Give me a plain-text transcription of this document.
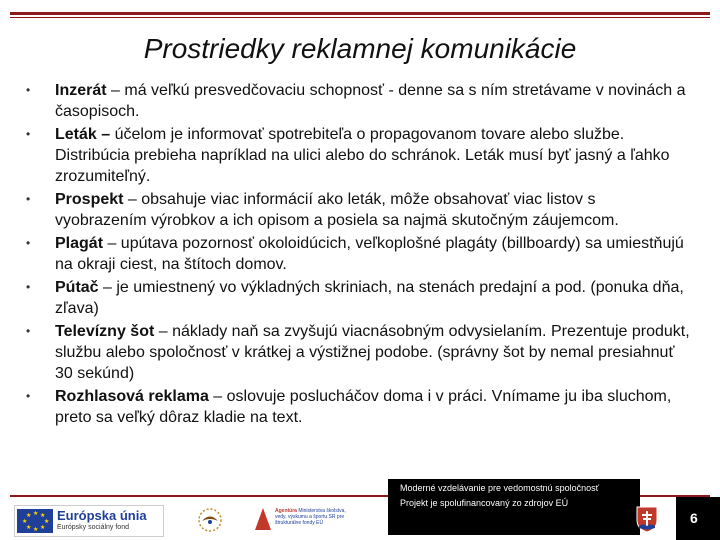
Prostriedky reklamnej komunikácie
• Inzerát – má veľkú presvedčovaciu schopnosť - denne sa s ním stretávame v novinách a časopisoch.
• Leták – účelom je informovať spotrebiteľa o propagovanom tovare alebo službe. Distribúcia prebieha napríklad na ulici alebo do schránok. Leták musí byť jasný a ľahko zrozumiteľný.
• Prospekt – obsahuje viac informácií ako leták, môže obsahovať viac listov s vyobrazením výrobkov a ich opisom a posiela sa najmä skutočným záujemcom.
• Plagát – upútava pozornosť okoloidúcich, veľkoplošné plagáty (billboardy) sa umiestňujú na okraji ciest, na štítoch domov.
• Pútač – je umiestnený vo výkladných skriniach, na stenách predajní a pod. (ponuka dňa, zľava)
• Televízny šot – náklady naň sa zvyšujú viacnásobným odvysielaním. Prezentuje produkt, službu alebo spoločnosť v krátkej a výstižnej podobe. (správny šot by nemal presiahnuť 30 sekúnd)
• Rozhlasová reklama – oslovuje poslucháčov doma i v práci. Vnímame ju iba sluchom, preto sa veľký dôraz kladie na text.
★ ★
★
★
★
★
★
★ Európska únia
Európsky sociálny fond
Agentúra Ministerstva školstva, vedy, výskumu a športu SR pre štrukturálne fondy EÚ
Moderné vzdelávanie pre vedomostnú spoločnosť
Projekt je spolufinancovaný zo zdrojov EÚ
6
